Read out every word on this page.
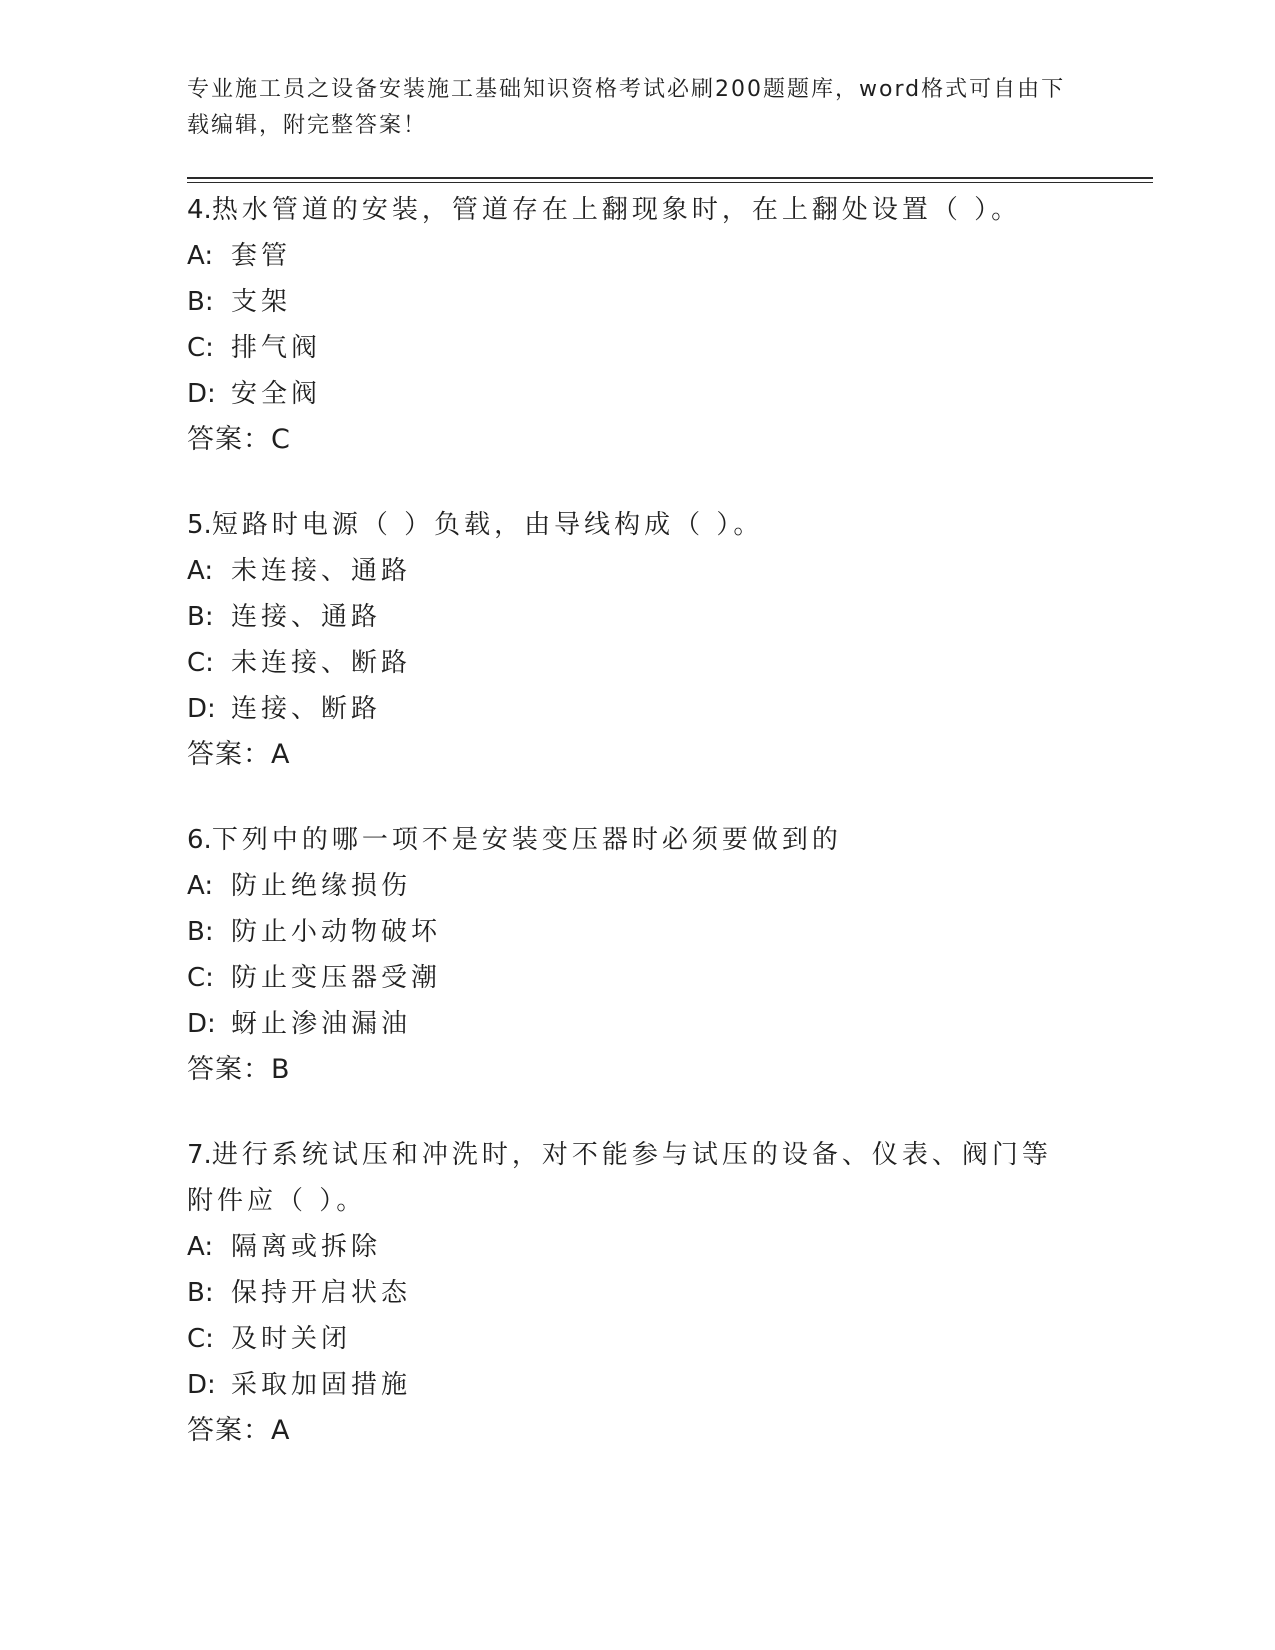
专业施工员之设备安装施工基础知识资格考试必刷200题题库，word格式可自由下载编辑，附完整答案！
4.热水管道的安装，管道存在上翻现象时，在上翻处设置（ ）。
A: 套管
B: 支架
C: 排气阀
D: 安全阀
答案：C
5.短路时电源（ ）负载，由导线构成（ ）。
A: 未连接、通路
B: 连接、通路
C: 未连接、断路
D: 连接、断路
答案：A
6.下列中的哪一项不是安装变压器时必须要做到的
A: 防止绝缘损伤
B: 防止小动物破坏
C: 防止变压器受潮
D: 蚜止渗油漏油
答案：B
7.进行系统试压和冲洗时，对不能参与试压的设备、仪表、阀门等附件应（ ）。
A: 隔离或拆除
B: 保持开启状态
C: 及时关闭
D: 采取加固措施
答案：A
